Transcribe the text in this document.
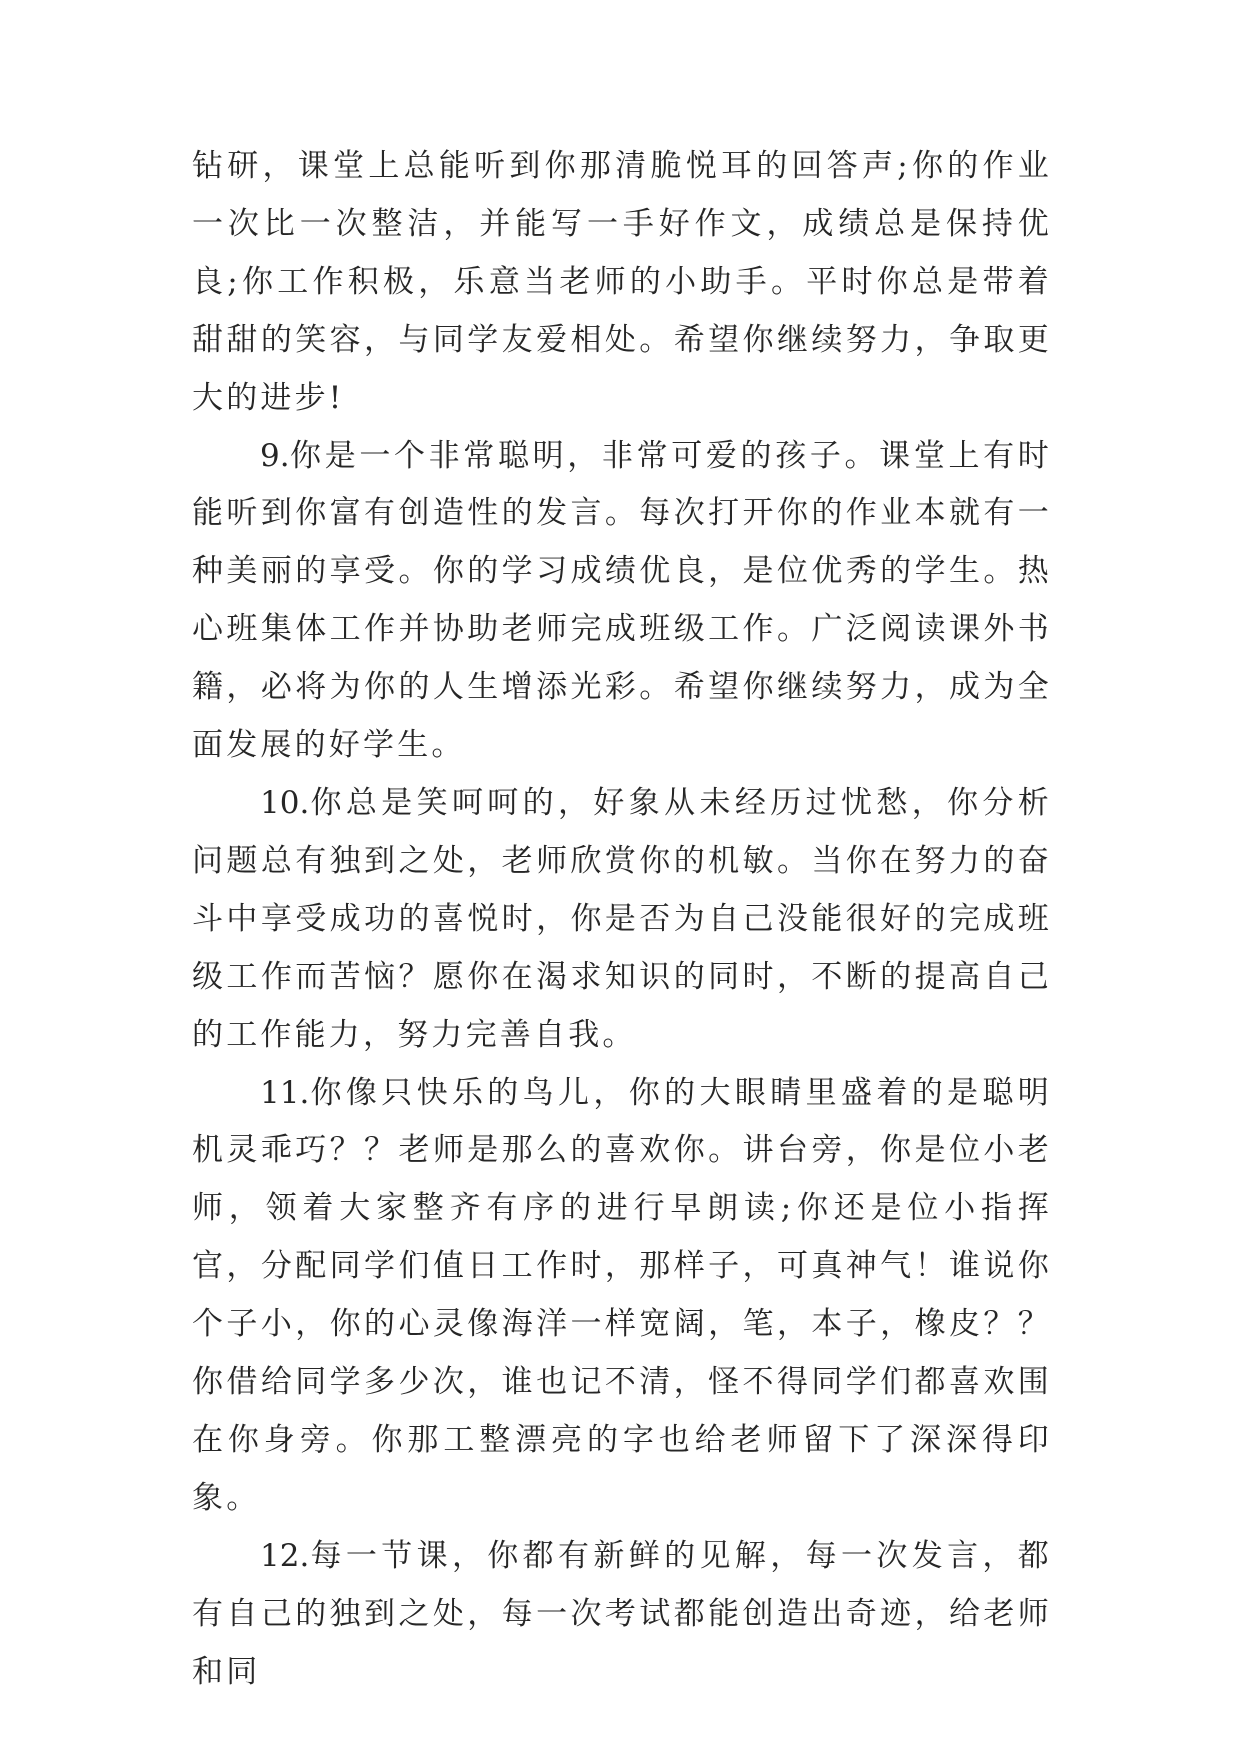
钻研，课堂上总能听到你那清脆悦耳的回答声;你的作业一次比一次整洁，并能写一手好作文，成绩总是保持优良;你工作积极，乐意当老师的小助手。平时你总是带着甜甜的笑容，与同学友爱相处。希望你继续努力，争取更大的进步!

9.你是一个非常聪明，非常可爱的孩子。课堂上有时能听到你富有创造性的发言。每次打开你的作业本就有一种美丽的享受。你的学习成绩优良，是位优秀的学生。热心班集体工作并协助老师完成班级工作。广泛阅读课外书籍，必将为你的人生增添光彩。希望你继续努力，成为全面发展的好学生。

10.你总是笑呵呵的，好象从未经历过忧愁，你分析问题总有独到之处，老师欣赏你的机敏。当你在努力的奋斗中享受成功的喜悦时，你是否为自己没能很好的完成班级工作而苦恼？愿你在渴求知识的同时，不断的提高自己的工作能力，努力完善自我。

11.你像只快乐的鸟儿，你的大眼睛里盛着的是聪明机灵乖巧？？老师是那么的喜欢你。讲台旁，你是位小老师，领着大家整齐有序的进行早朗读;你还是位小指挥官，分配同学们值日工作时，那样子，可真神气！谁说你个子小，你的心灵像海洋一样宽阔，笔，本子，橡皮？？你借给同学多少次，谁也记不清，怪不得同学们都喜欢围在你身旁。你那工整漂亮的字也给老师留下了深深得印象。

12.每一节课，你都有新鲜的见解，每一次发言，都有自己的独到之处，每一次考试都能创造出奇迹，给老师和同
